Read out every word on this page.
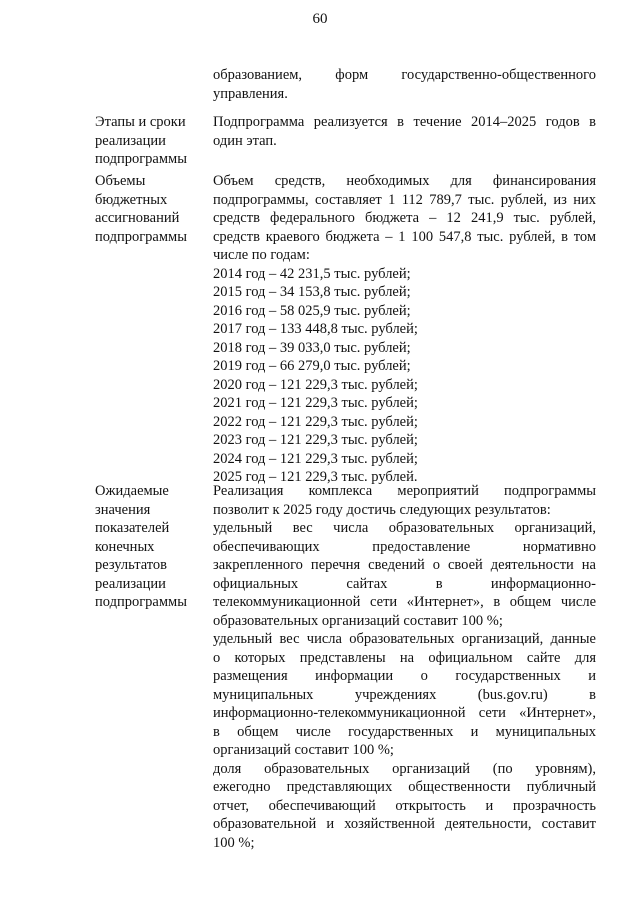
60
образованием, форм государственно-общественного
управления.
Этапы и сроки
реализации
подпрограммы
Подпрограмма реализуется в течение 2014–2025 годов в
один этап.
Объемы
бюджетных
ассигнований
подпрограммы
Объем средств, необходимых для финансирования
подпрограммы, составляет 1 112 789,7 тыс. рублей, из них
средств федерального бюджета – 12 241,9 тыс. рублей,
средств краевого бюджета – 1 100 547,8 тыс. рублей, в том
числе по годам:
2014 год – 42 231,5 тыс. рублей;
2015 год – 34 153,8 тыс. рублей;
2016 год – 58 025,9 тыс. рублей;
2017 год – 133 448,8 тыс. рублей;
2018 год – 39 033,0 тыс. рублей;
2019 год – 66 279,0 тыс. рублей;
2020 год – 121 229,3 тыс. рублей;
2021 год – 121 229,3 тыс. рублей;
2022 год – 121 229,3 тыс. рублей;
2023 год – 121 229,3 тыс. рублей;
2024 год – 121 229,3 тыс. рублей;
2025 год – 121 229,3 тыс. рублей.
Ожидаемые
значения
показателей
конечных
результатов
реализации
подпрограммы
Реализация комплекса мероприятий подпрограммы
позволит к 2025 году достичь следующих результатов:
удельный вес числа образовательных организаций,
обеспечивающих предоставление нормативно
закрепленного перечня сведений о своей деятельности на
официальных сайтах в информационно-
телекоммуникационной сети «Интернет», в общем числе
образовательных организаций составит 100 %;
удельный вес числа образовательных организаций, данные
о которых представлены на официальном сайте для
размещения информации о государственных и
муниципальных учреждениях (bus.gov.ru) в
информационно-телекоммуникационной сети «Интернет»,
в общем числе государственных и муниципальных
организаций составит 100 %;
доля образовательных организаций (по уровням),
ежегодно представляющих общественности публичный
отчет, обеспечивающий открытость и прозрачность
образовательной и хозяйственной деятельности, составит
100 %;
